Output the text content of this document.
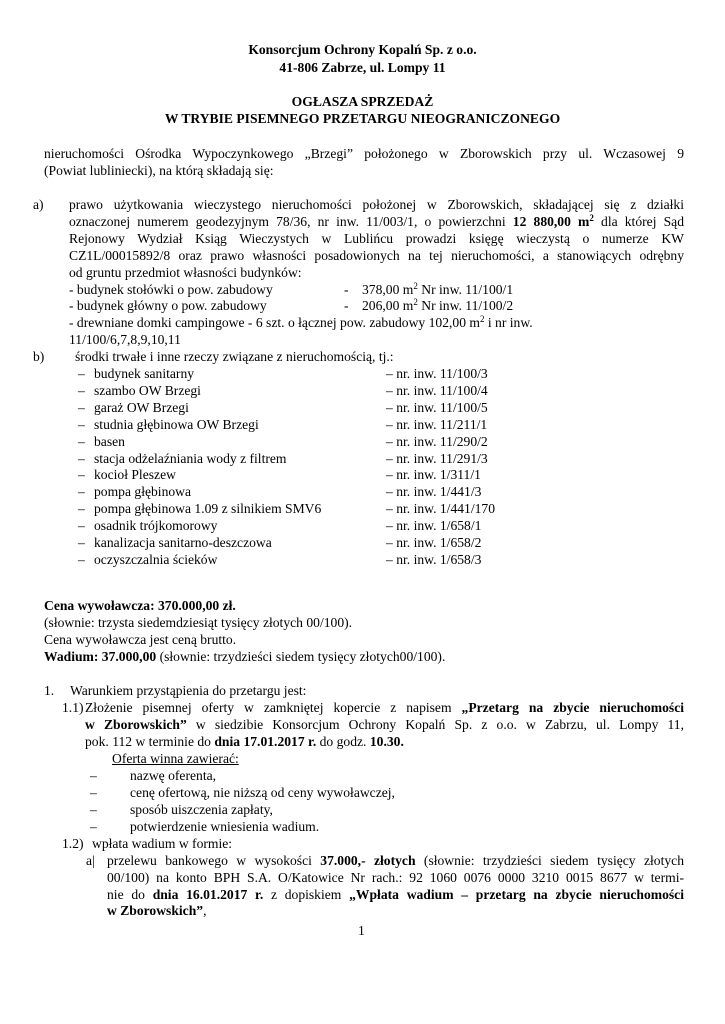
Konsorcjum Ochrony Kopalń Sp. z o.o.
41-806 Zabrze, ul. Lompy 11
OGŁASZA SPRZEDAŻ
W TRYBIE PISEMNEGO PRZETARGU NIEOGRANICZONEGO
nieruchomości Ośrodka Wypoczynkowego „Brzegi” położonego w Zborowskich przy ul. Wczasowej 9
(Powiat lubliniecki), na którą składają się:
a) prawo użytkowania wieczystego nieruchomości położonej w Zborowskich, składającej się z działki
oznaczonej numerem geodezyjnym 78/36, nr inw. 11/003/1, o powierzchni 12 880,00 $m^2$ dla której Sąd
Rejonowy Wydział Ksiąg Wieczystych w Lublińcu prowadzi księgę wieczystą o numerze KW
CZ1L/00015892/8 oraz prawo własności posadowionych na tej nieruchomości, a stanowiących odrębny
od gruntu przedmiot własności budynków:
- budynek stołówki o pow. zabudowy	- 378,00 $m^2$ Nr inw. 11/100/1
- budynek główny o pow. zabudowy	- 206,00 $m^2$ Nr inw. 11/100/2
- drewniane domki campingowe - 6 szt. o łącznej pow. zabudowy 102,00 $m^2$ i nr inw.
11/100/6,7,8,9,10,11
b) środki trwałe i inne rzeczy związane z nieruchomością, tj.:
– budynek sanitarny	– nr. inw. 11/100/3
– szambo OW Brzegi	– nr. inw. 11/100/4
– garaż OW Brzegi	– nr. inw. 11/100/5
– studnia głębinowa OW Brzegi	– nr. inw. 11/211/1
– basen	– nr. inw. 11/290/2
– stacja odżelaźniania wody z filtrem	– nr. inw. 11/291/3
– kocioł Pleszew	– nr. inw. 1/311/1
– pompa głębinowa	– nr. inw. 1/441/3
– pompa głębinowa 1.09 z silnikiem SMV6	– nr. inw. 1/441/170
– osadnik trójkomorowy	– nr. inw. 1/658/1
– kanalizacja sanitarno-deszczowa	– nr. inw. 1/658/2
– oczyszczalnia ścieków	– nr. inw. 1/658/3
Cena wywoławcza: 370.000,00 zł.
(słownie: trzysta siedemdziesiąt tysięcy złotych 00/100).
Cena wywoławcza jest ceną brutto.
Wadium: 37.000,00 (słownie: trzydzieści siedem tysięcy złotych00/100).
1. Warunkiem przystąpienia do przetargu jest:
1.1) Złożenie pisemnej oferty w zamkniętej kopercie z napisem „Przetarg na zbycie nieruchomości
w Zborowskich” w siedzibie Konsorcjum Ochrony Kopalń Sp. z o.o. w Zabrzu, ul. Lompy 11,
pok. 112 w terminie do dnia 17.01.2017 r. do godz. 10.30.
Oferta winna zawierać:
– nazwę oferenta,
– cenę ofertową, nie niższą od ceny wywoławczej,
– sposób uiszczenia zapłaty,
– potwierdzenie wniesienia wadium.
1.2) wpłata wadium w formie:
a| przelewu bankowego w wysokości 37.000,- złotych (słownie: trzydzieści siedem tysięcy złotych
00/100) na konto BPH S.A. O/Katowice Nr rach.: 92 1060 0076 0000 3210 0015 8677 w termi-
nie do dnia 16.01.2017 r. z dopiskiem „Wpłata wadium – przetarg na zbycie nieruchomości
w Zborowskich”,
1
